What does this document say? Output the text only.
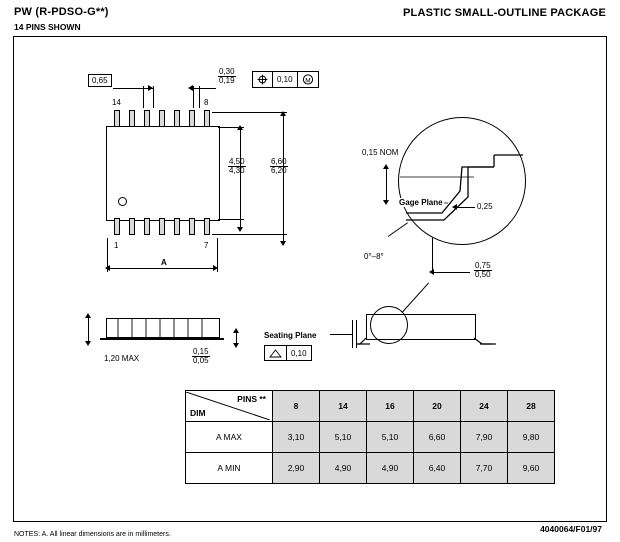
PW (R-PDSO-G**)
14 PINS SHOWN
PLASTIC SMALL-OUTLINE PACKAGE
0,65
0,30
0,19	0,10	M
14	8
1	7
4,50
4,30
6,60
6,20
A
0,15 NOM
Gage Plane	0,25
0°–8°
0,75
0,50
1,20 MAX
0,15
0,05
Seating Plane
0,10
PINS **
DIM	8	14	16	20	24	28
A MAX	3,10	5,10	5,10	6,60	7,90	9,80
A MIN	2,90	4,90	4,90	6,40	7,70	9,60
4040064/F01/97
NOTES: A. All linear dimensions are in millimeters.
